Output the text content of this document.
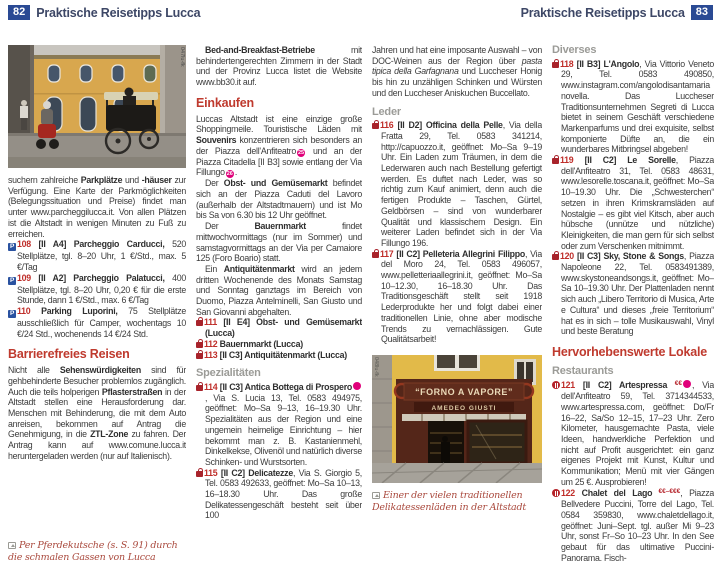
82 Praktische Reisetipps Lucca	Praktische Reisetipps Lucca	83
047lu-fk

suchern zahlreiche Parkplätze und -häuser zur Verfügung. Eine Karte der Parkmöglichkeiten (Belegungssituation und Preise) findet man unter www.parcheggilucca.it. Von allen Plätzen ist die Altstadt in wenigen Minuten zu Fuß zu erreichen.

P 108 [II A4] Parcheggio Carducci, 520 Stellplätze, tgl. 8–20 Uhr, 1 €/Std., max. 5 €/Tag

P 109 [II A2] Parcheggio Palatucci, 400 Stellplätze, tgl. 8–20 Uhr, 0,20 € für die erste Stunde, dann 1 €/Std., max. 6 €/Tag

P 110 Parking Luporini, 75 Stellplätze ausschließlich für Camper, wochentags 10 €/24 Std., wochenends 14 €/24 Std.

Barrierefreies Reisen

Nicht alle Sehenswürdigkeiten sind für gehbehinderte Besucher problemlos zugänglich. Auch die teils holperigen Pflasterstraßen in der Altstadt stellen eine Herausforderung dar. Menschen mit Behinderung, die mit dem Auto anreisen, bekommen auf Antrag die Genehmigung, in die ZTL-Zone zu fahren. Der Antrag kann auf www.comune.lucca.it heruntergeladen werden (nur auf Italienisch).

Per Pferdekutsche (s. S. 91) durch die schmalen Gassen von Lucca

Bed-and-Breakfast-Betriebe mit behindertengerechten Zimmern in der Stadt und der Provinz Lucca listet die Website www.bb30.it auf.

Einkaufen

Luccas Altstadt ist eine einzige große Shoppingmeile. Touristische Läden mit Souvenirs konzentrieren sich besonders an der Piazza dell'Anfiteatro 25 und an der Piazza Citadella [II B3] sowie entlang der Via Fillungo 26 .

Der Obst- und Gemüsemarkt befindet sich an der Piazza Caduti del Lavoro (außerhalb der Altstadtmauern) und ist Mo bis Sa von 6.30 bis 12 Uhr geöffnet.

Der Bauernmarkt findet mittwochvormittags (nur im Sommer) und samstagvormittags an der Via per Camaiore 125 (Foro Boario) statt.

Ein Antiquitätenmarkt wird an jedem dritten Wochenende des Monats Samstag und Sonntag ganztags im Bereich von Duomo, Piazza Antelminelli, San Giusto und San Giovanni abgehalten.

111 [II E4] Obst- und Gemüsemarkt (Lucca)

112 Bauernmarkt (Lucca)

113 [II C3] Antiquitätenmarkt (Lucca)

Spezialitäten

114 [II C3] Antica Bottega di Prospero, Via S. Lucia 13, Tel. 0583 494975, geöffnet: Mo–Sa 9–13, 16–19.30 Uhr. Spezialitäten aus der Region und eine ungemein heimelige Einrichtung – hier bekommt man z. B. Kastanienmehl, Dinkelkekse, Olivenöl und natürlich diverse Schinken- und Wurstsorten.

115 [II C2] Delicatezze, Via S. Giorgio 5, Tel. 0583 492633, geöffnet: Mo–Sa 10–13, 16–18.30 Uhr. Das große Delikatessengeschäft besteht seit über 100

Jahren und hat eine imposante Auswahl – von DOC-Weinen aus der Region über pasta tipica della Garfagnana und Luccheser Honig bis hin zu unzähligen Schinken und Würsten und den Luccheser Aniskuchen Buccellato.

Leder

116 [II D2] Officina della Pelle, Via della Fratta 29, Tel. 0583 341214, http://capuozzo.it, geöffnet: Mo–Sa 9–19 Uhr. Ein Laden zum Träumen, in dem die Lederwaren auch nach Bestellung gefertigt werden. Es duftet nach Leder, was so richtig zum Kauf animiert, denn auch die fertigen Produkte – Taschen, Gürtel, Geldbörsen – sind von wunderbarer Qualität und klassischem Design. Ein weiterer Laden befindet sich in der Via Fillungo 196.

117 [II C2] Pelleteria Allegrini Filippo, Via del Moro 24, Tel. 0583 496057, www.pelletteriaallegrini.it, geöffnet: Mo–Sa 10–12.30, 16–18.30 Uhr. Das Traditionsgeschäft stellt seit 1918 Lederprodukte her und folgt dabei einer traditionellen Linie, ohne aber modische Trends zu vernachlässigen. Gute Qualitätsarbeit!

“FORNO A VAPORE”
AMEDEO GIUSTI
048lu-fk
Einer der vielen traditionellen Delikatessenläden in der Altstadt
Diverses

118 [II B3] L'Angolo, Via Vittorio Veneto 29, Tel. 0583 490850, www.instagram.com/angolodisantamarianovella. Das Luccheser Traditionsunternehmen Segreti di Lucca bietet in seinem Geschäft verschiedene Markenparfums und drei exquisite, selbst komponierte Düfte an, die ein wunderbares Mitbringsel abgeben!

119 [II C2] Le Sorelle, Piazza dell'Anfiteatro 31, Tel. 0583 48631, www.lesorelle.toscana.it, geöffnet: Mo–Sa 10–19.30 Uhr. Die „Schwesterchen“ setzen in ihren Krimskramsläden auf Nostalgie – es gibt viel Kitsch, aber auch hübsche (unnütze und nützliche) Kleinigkeiten, die man gern für sich selbst oder zum Verschenken mitnimmt.

120 [II C3] Sky, Stone & Songs, Piazza Napoleone 22, Tel. 0583491389, www.skystoneandsongs.it, geöffnet: Mo–Sa 10–19.30 Uhr. Der Plattenladen nennt sich auch „Libero Territorio di Musica, Arte e Cultura“ und dieses „freie Territorium“ hat es in sich – tolle Musikauswahl, Vinyl und beste Beratung

Hervorhebenswerte Lokale
Restaurants

121 [II C2] Artespressa €€ , Via dell'Anfiteatro 59, Tel. 3714344533, www.artespressa.com, geöffnet: Do/Fr 16–22, Sa/So 12–15, 17–23 Uhr. Zero Kilometer, hausgemachte Pasta, viele Ideen, handwerkliche Perfektion und nicht auf Profit ausgerichtet: ein ganz eigenes Projekt mit Kunst, Kultur und Kommunikation; Menü mit vier Gängen um 25 €. Ausprobieren!

122 Chalet del Lago €€–€€€, Piazza Bellvedere Puccini, Torre del Lago, Tel. 0584 359830, www.chaletdellago.it, geöffnet: Juni–Sept. tgl. außer Mi 9–23 Uhr, sonst Fr–So 10–23 Uhr. In den See gebaut für das ultimative Puccini-Panorama. Fisch-
